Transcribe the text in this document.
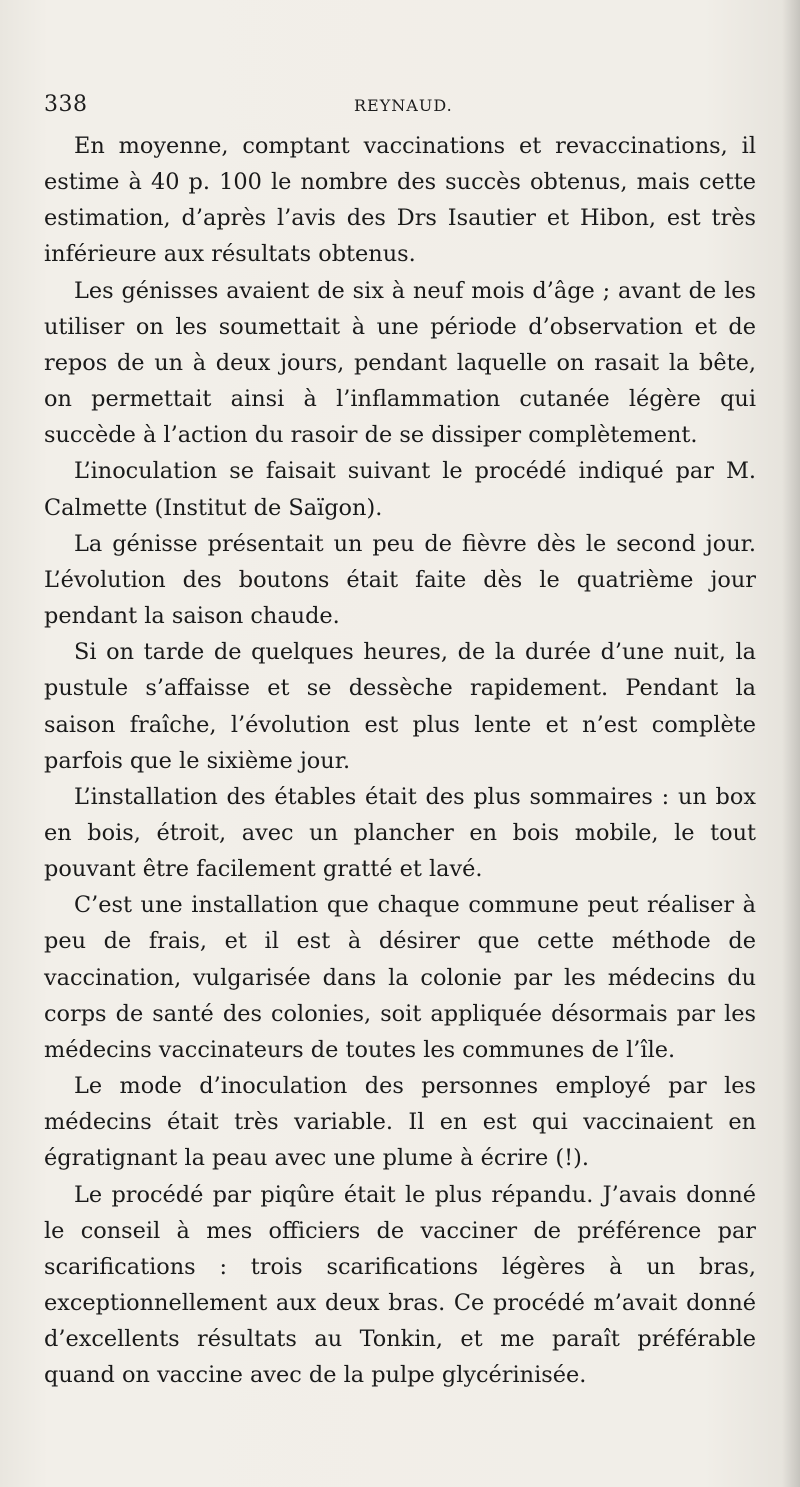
338	REYNAUD.

En moyenne, comptant vaccinations et revaccinations, il estime à 40 p. 100 le nombre des succès obtenus, mais cette estimation, d’après l’avis des Drs Isautier et Hibon, est très inférieure aux résultats obtenus.

Les génisses avaient de six à neuf mois d’âge ; avant de les utiliser on les soumettait à une période d’observation et de repos de un à deux jours, pendant laquelle on rasait la bête, on permettait ainsi à l’inflammation cutanée légère qui succède à l’action du rasoir de se dissiper complètement.

L’inoculation se faisait suivant le procédé indiqué par M. Calmette (Institut de Saïgon).

La génisse présentait un peu de fièvre dès le second jour. L’évolution des boutons était faite dès le quatrième jour pendant la saison chaude.

Si on tarde de quelques heures, de la durée d’une nuit, la pustule s’affaisse et se dessèche rapidement. Pendant la saison fraîche, l’évolution est plus lente et n’est complète parfois que le sixième jour.

L’installation des étables était des plus sommaires : un box en bois, étroit, avec un plancher en bois mobile, le tout pouvant être facilement gratté et lavé.

C’est une installation que chaque commune peut réaliser à peu de frais, et il est à désirer que cette méthode de vaccination, vulgarisée dans la colonie par les médecins du corps de santé des colonies, soit appliquée désormais par les médecins vaccinateurs de toutes les communes de l’île.

Le mode d’inoculation des personnes employé par les médecins était très variable. Il en est qui vaccinaient en égratignant la peau avec une plume à écrire (!).

Le procédé par piqûre était le plus répandu. J’avais donné le conseil à mes officiers de vacciner de préférence par scarifications : trois scarifications légères à un bras, exceptionnellement aux deux bras. Ce procédé m’avait donné d’excellents résultats au Tonkin, et me paraît préférable quand on vaccine avec de la pulpe glycérinisée.
